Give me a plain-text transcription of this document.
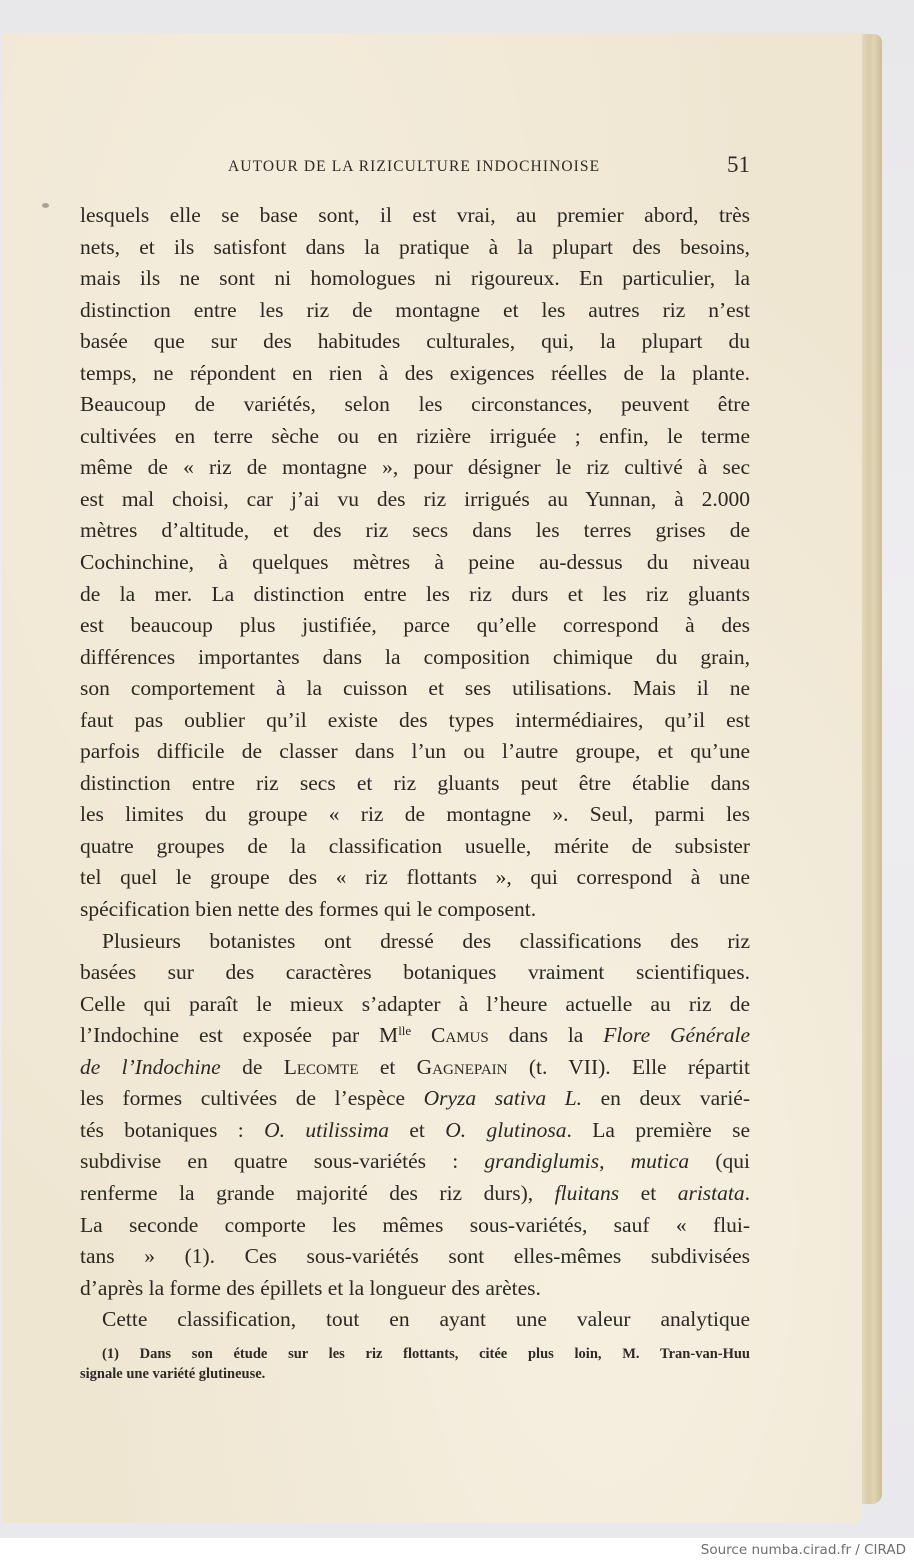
AUTOUR DE LA RIZICULTURE INDOCHINOISE	51
lesquels elle se base sont, il est vrai, au premier abord, très
nets, et ils satisfont dans la pratique à la plupart des besoins,
mais ils ne sont ni homologues ni rigoureux. En particulier, la
distinction entre les riz de montagne et les autres riz n’est
basée que sur des habitudes culturales, qui, la plupart du
temps, ne répondent en rien à des exigences réelles de la plante.
Beaucoup de variétés, selon les circonstances, peuvent être
cultivées en terre sèche ou en rizière irriguée ; enfin, le terme
même de « riz de montagne », pour désigner le riz cultivé à sec
est mal choisi, car j’ai vu des riz irrigués au Yunnan, à 2.000
mètres d’altitude, et des riz secs dans les terres grises de
Cochinchine, à quelques mètres à peine au-dessus du niveau
de la mer. La distinction entre les riz durs et les riz gluants
est beaucoup plus justifiée, parce qu’elle correspond à des
différences importantes dans la composition chimique du grain,
son comportement à la cuisson et ses utilisations. Mais il ne
faut pas oublier qu’il existe des types intermédiaires, qu’il est
parfois difficile de classer dans l’un ou l’autre groupe, et qu’une
distinction entre riz secs et riz gluants peut être établie dans
les limites du groupe « riz de montagne ». Seul, parmi les
quatre groupes de la classification usuelle, mérite de subsister
tel quel le groupe des « riz flottants », qui correspond à une
spécification bien nette des formes qui le composent.
Plusieurs botanistes ont dressé des classifications des riz
basées sur des caractères botaniques vraiment scientifiques.
Celle qui paraît le mieux s’adapter à l’heure actuelle au riz de
l’Indochine est exposée par $M^{lle}$ Camus dans la Flore Générale
de l’Indochine de Lecomte et Gagnepain (t. VII). Elle répartit
les formes cultivées de l’espèce Oryza sativa L. en deux varié-
tés botaniques : O. utilissima et O. glutinosa. La première se
subdivise en quatre sous-variétés : grandiglumis, mutica (qui
renferme la grande majorité des riz durs), fluitans et aristata.
La seconde comporte les mêmes sous-variétés, sauf « flui-
tans » (1). Ces sous-variétés sont elles-mêmes subdivisées
d’après la forme des épillets et la longueur des arètes.
Cette classification, tout en ayant une valeur analytique
(1) Dans son étude sur les riz flottants, citée plus loin, M. Tran-van-Huu
signale une variété glutineuse.
Source numba.cirad.fr / CIRAD
